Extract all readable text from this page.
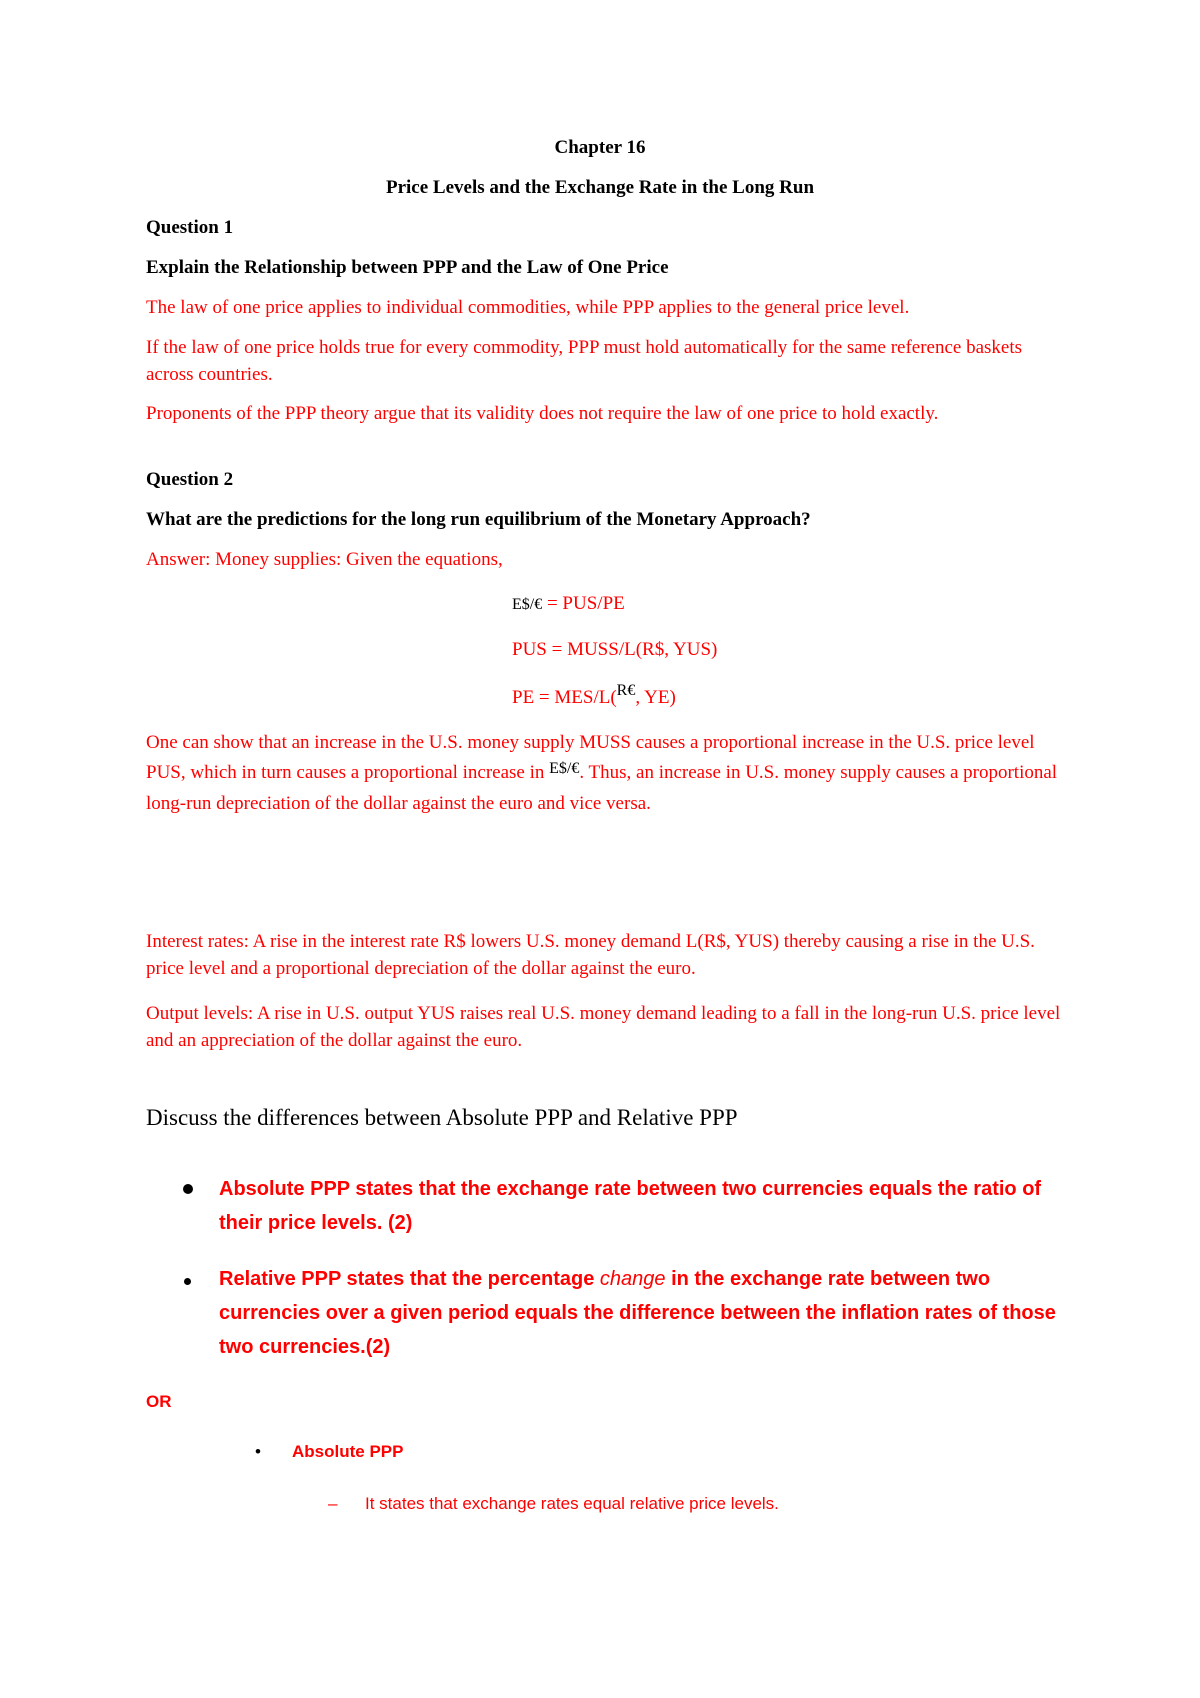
Chapter 16
Price Levels and the Exchange Rate in the Long Run
Question 1
Explain the Relationship between PPP and the Law of One Price
The law of one price applies to individual commodities, while PPP applies to the general price level.
If the law of one price holds true for every commodity, PPP must hold automatically for the same reference baskets across countries.
Proponents of the PPP theory argue that its validity does not require the law of one price to hold exactly.
Question 2
What are the predictions for the long run equilibrium of the Monetary Approach?
Answer: Money supplies: Given the equations,
E$/€ = PUS/PE
PUS = MUSS/L(R$, YUS)
PE = MES/L($^{R€}$, YE)
One can show that an increase in the U.S. money supply MUSS causes a proportional increase in the U.S. price level PUS, which in turn causes a proportional increase in $^{E\$/€}$. Thus, an increase in U.S. money supply causes a proportional long-run depreciation of the dollar against the euro and vice versa.
Interest rates: A rise in the interest rate R$ lowers U.S. money demand L(R$, YUS) thereby causing a rise in the U.S. price level and a proportional depreciation of the dollar against the euro.
Output levels: A rise in U.S. output YUS raises real U.S. money demand leading to a fall in the long-run U.S. price level and an appreciation of the dollar against the euro.
Discuss the differences between Absolute PPP and Relative PPP
Absolute PPP states that the exchange rate between two currencies equals the ratio of their price levels. (2)
Relative PPP states that the percentage change in the exchange rate between two currencies over a given period equals the difference between the inflation rates of those two currencies.(2)
OR
• Absolute PPP
– It states that exchange rates equal relative price levels.
